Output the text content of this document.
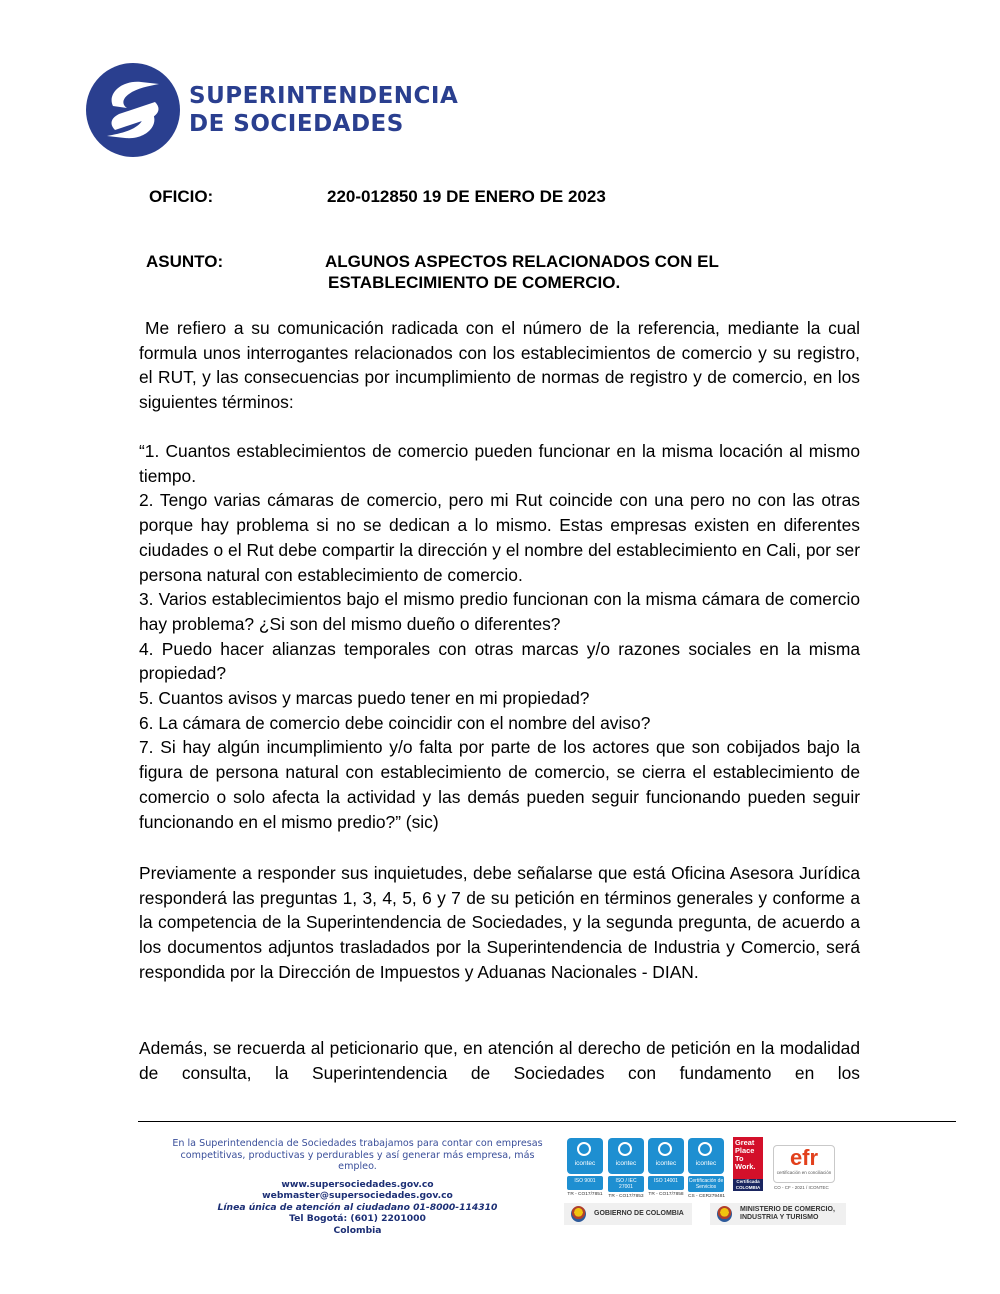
SUPERINTENDENCIA
DE SOCIEDADES
OFICIO:	220-012850 19 DE ENERO DE 2023
ASUNTO:	ALGUNOS ASPECTOS RELACIONADOS CON EL
ESTABLECIMIENTO DE COMERCIO.

Me refiero a su comunicación radicada con el número de la referencia, mediante la cual formula unos interrogantes relacionados con los establecimientos de comercio y su registro, el RUT, y las consecuencias por incumplimiento de normas de registro y de comercio, en los siguientes términos:

“1. Cuantos establecimientos de comercio pueden funcionar en la misma locación al mismo tiempo.

2. Tengo varias cámaras de comercio, pero mi Rut coincide con una pero no con las otras porque hay problema si no se dedican a lo mismo. Estas empresas existen en diferentes ciudades o el Rut debe compartir la dirección y el nombre del establecimiento en Cali, por ser persona natural con establecimiento de comercio.

3. Varios establecimientos bajo el mismo predio funcionan con la misma cámara de comercio hay problema? ¿Si son del mismo dueño o diferentes?

4. Puedo hacer alianzas temporales con otras marcas y/o razones sociales en la misma propiedad?

5. Cuantos avisos y marcas puedo tener en mi propiedad?

6. La cámara de comercio debe coincidir con el nombre del aviso?

7. Si hay algún incumplimiento y/o falta por parte de los actores que son cobijados bajo la figura de persona natural con establecimiento de comercio, se cierra el establecimiento de comercio o solo afecta la actividad y las demás pueden seguir funcionando pueden seguir funcionando en el mismo predio?” (sic)

Previamente a responder sus inquietudes, debe señalarse que está Oficina Asesora Jurídica responderá las preguntas 1, 3, 4, 5, 6 y 7 de su petición en términos generales y conforme a la competencia de la Superintendencia de Sociedades, y la segunda pregunta, de acuerdo a los documentos adjuntos trasladados por la Superintendencia de Industria y Comercio, será respondida por la Dirección de Impuestos y Aduanas Nacionales - DIAN.

Además, se recuerda al peticionario que, en atención al derecho de petición en la modalidad de consulta, la Superintendencia de Sociedades con fundamento en los

En la Superintendencia de Sociedades trabajamos para contar con empresas
competitivas, productivas y perdurables y así generar más empresa, más empleo.
www.supersociedades.gov.co
webmaster@supersociedades.gov.co
Línea única de atención al ciudadano 01-8000-114310
Tel Bogotá: (601) 2201000
Colombia
icontec
ISO 9001
TR - CO17/7851
icontec
ISO / IEC 27001
TR - CO17/7853
icontec
ISO 14001
TR - CO17/7858
icontec
Certificación de Servicios
CS - CER279481
Great Place To Work.
Certificada COLOMBIA
efr
certificación en conciliación
CO - CF - 2021 / ICONTEC
GOBIERNO DE COLOMBIA
MINISTERIO DE COMERCIO,
INDUSTRIA Y TURISMO
